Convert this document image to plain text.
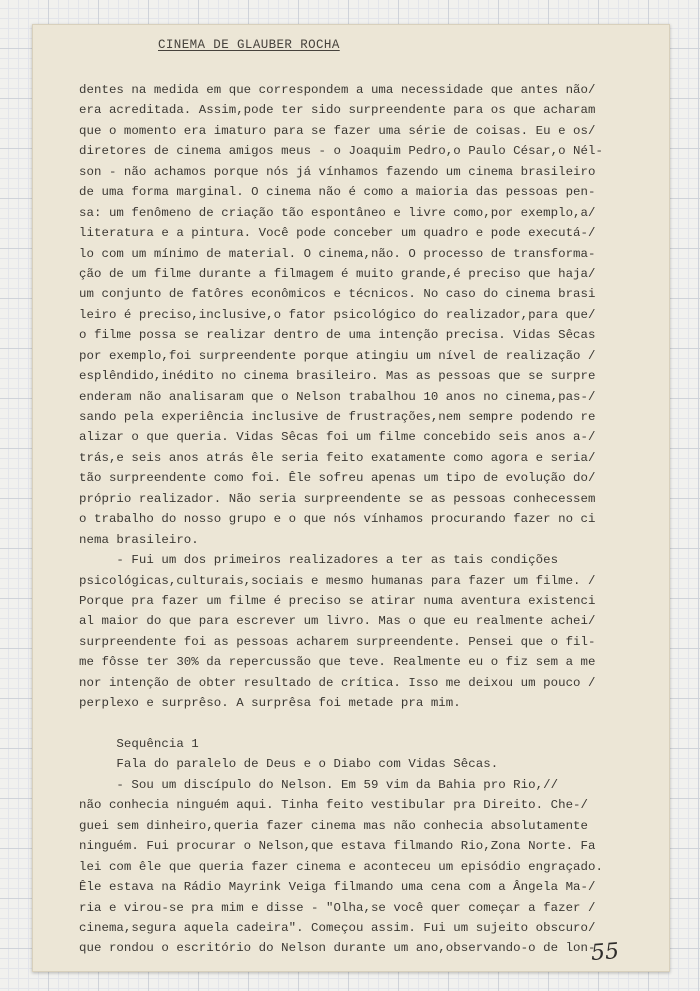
CINEMA DE GLAUBER ROCHA
dentes na medida em que correspondem a uma necessidade que antes não/
era acreditada. Assim,pode ter sido surpreendente para os que acharam
que o momento era imaturo para se fazer uma série de coisas. Eu e os/
diretores de cinema amigos meus - o Joaquim Pedro,o Paulo César,o Nél-
son - não achamos porque nós já vínhamos fazendo um cinema brasileiro
de uma forma marginal. O cinema não é como a maioria das pessoas pen-
sa: um fenômeno de criação tão espontâneo e livre como,por exemplo,a/
literatura e a pintura. Você pode conceber um quadro e pode executá-/
lo com um mínimo de material. O cinema,não. O processo de transforma-
ção de um filme durante a filmagem é muito grande,é preciso que haja/
um conjunto de fatôres econômicos e técnicos. No caso do cinema brasi
leiro é preciso,inclusive,o fator psicológico do realizador,para que/
o filme possa se realizar dentro de uma intenção precisa. Vidas Sêcas
por exemplo,foi surpreendente porque atingiu um nível de realização /
esplêndido,inédito no cinema brasileiro. Mas as pessoas que se surpre
enderam não analisaram que o Nelson trabalhou 10 anos no cinema,pas-/
sando pela experiência inclusive de frustrações,nem sempre podendo re
alizar o que queria. Vidas Sêcas foi um filme concebido seis anos a-/
trás,e seis anos atrás êle seria feito exatamente como agora e seria/
tão surpreendente como foi. Êle sofreu apenas um tipo de evolução do/
próprio realizador. Não seria surpreendente se as pessoas conhecessem
o trabalho do nosso grupo e o que nós vínhamos procurando fazer no ci
nema brasileiro.
- Fui um dos primeiros realizadores a ter as tais condições
psicológicas,culturais,sociais e mesmo humanas para fazer um filme. /
Porque pra fazer um filme é preciso se atirar numa aventura existenci
al maior do que para escrever um livro. Mas o que eu realmente achei/
surpreendente foi as pessoas acharem surpreendente. Pensei que o fil-
me fôsse ter 30% da repercussão que teve. Realmente eu o fiz sem a me
nor intenção de obter resultado de crítica. Isso me deixou um pouco /
perplexo e surprêso. A surprêsa foi metade pra mim.
Sequência 1
Fala do paralelo de Deus e o Diabo com Vidas Sêcas.
- Sou um discípulo do Nelson. Em 59 vim da Bahia pro Rio,//
não conhecia ninguém aqui. Tinha feito vestibular pra Direito. Che-/
guei sem dinheiro,queria fazer cinema mas não conhecia absolutamente
ninguém. Fui procurar o Nelson,que estava filmando Rio,Zona Norte. Fa
lei com êle que queria fazer cinema e aconteceu um episódio engraçado.
Êle estava na Rádio Mayrink Veiga filmando uma cena com a Ângela Ma-/
ria e virou-se pra mim e disse - "Olha,se você quer começar a fazer /
cinema,segura aquela cadeira". Começou assim. Fui um sujeito obscuro/
que rondou o escritório do Nelson durante um ano,observando-o de lon-
55
